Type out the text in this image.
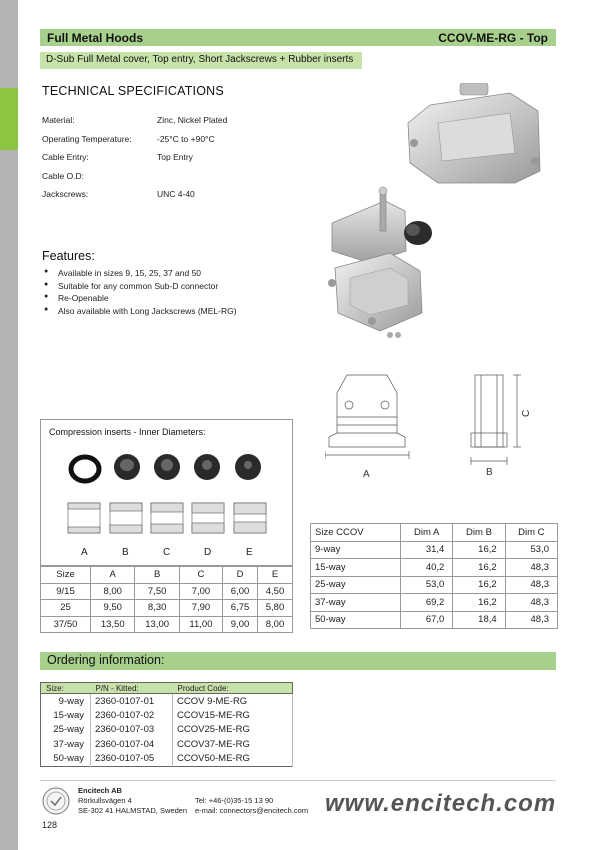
Full Metal Hoods	CCOV-ME-RG - Top
D-Sub Full Metal cover, Top entry, Short Jackscrews + Rubber inserts
TECHNICAL SPECIFICATIONS
Material:	Zinc, Nickel Plated
Operating Temperature:	-25°C to +90°C
Cable Entry:	Top Entry
Cable O.D:
Jackscrews:	UNC 4-40
Features:
●	Available in sizes 9, 15, 25, 37 and 50
●	Suitable for any common Sub-D connector
●	Re-Openable
●	Also available with Long Jackscrews (MEL-RG)
A	B
C
A	B	C	D	E
Compression inserts - Inner Diameters:
Size	A	B	C	D	E
9/15	8,00	7,50	7,00	6,00	4,50
25	9,50	8,30	7,90	6,75	5,80
37/50	13,50	13,00	11,00	9,00	8,00
Size CCOV	Dim A	Dim B	Dim C
9-way	31,4	16,2	53,0
15-way	40,2	16,2	48,3
25-way	53,0	16,2	48,3
37-way	69,2	16,2	48,3
50-way	67,0	18,4	48,3
Ordering information:
Size:	P/N - Kitted:	Product Code:
9-way	2360-0107-01	CCOV 9-ME-RG
15-way	2360-0107-02	CCOV15-ME-RG
25-way	2360-0107-03	CCOV25-ME-RG
37-way	2360-0107-04	CCOV37-ME-RG
50-way	2360-0107-05	CCOV50-ME-RG
Encitech AB
Rörkullsvägen 4
SE-302 41 HALMSTAD, Sweden
Tel: +46-(0)35-15 13 90
e-mail: connectors@encitech.com www.encitech.com
128
